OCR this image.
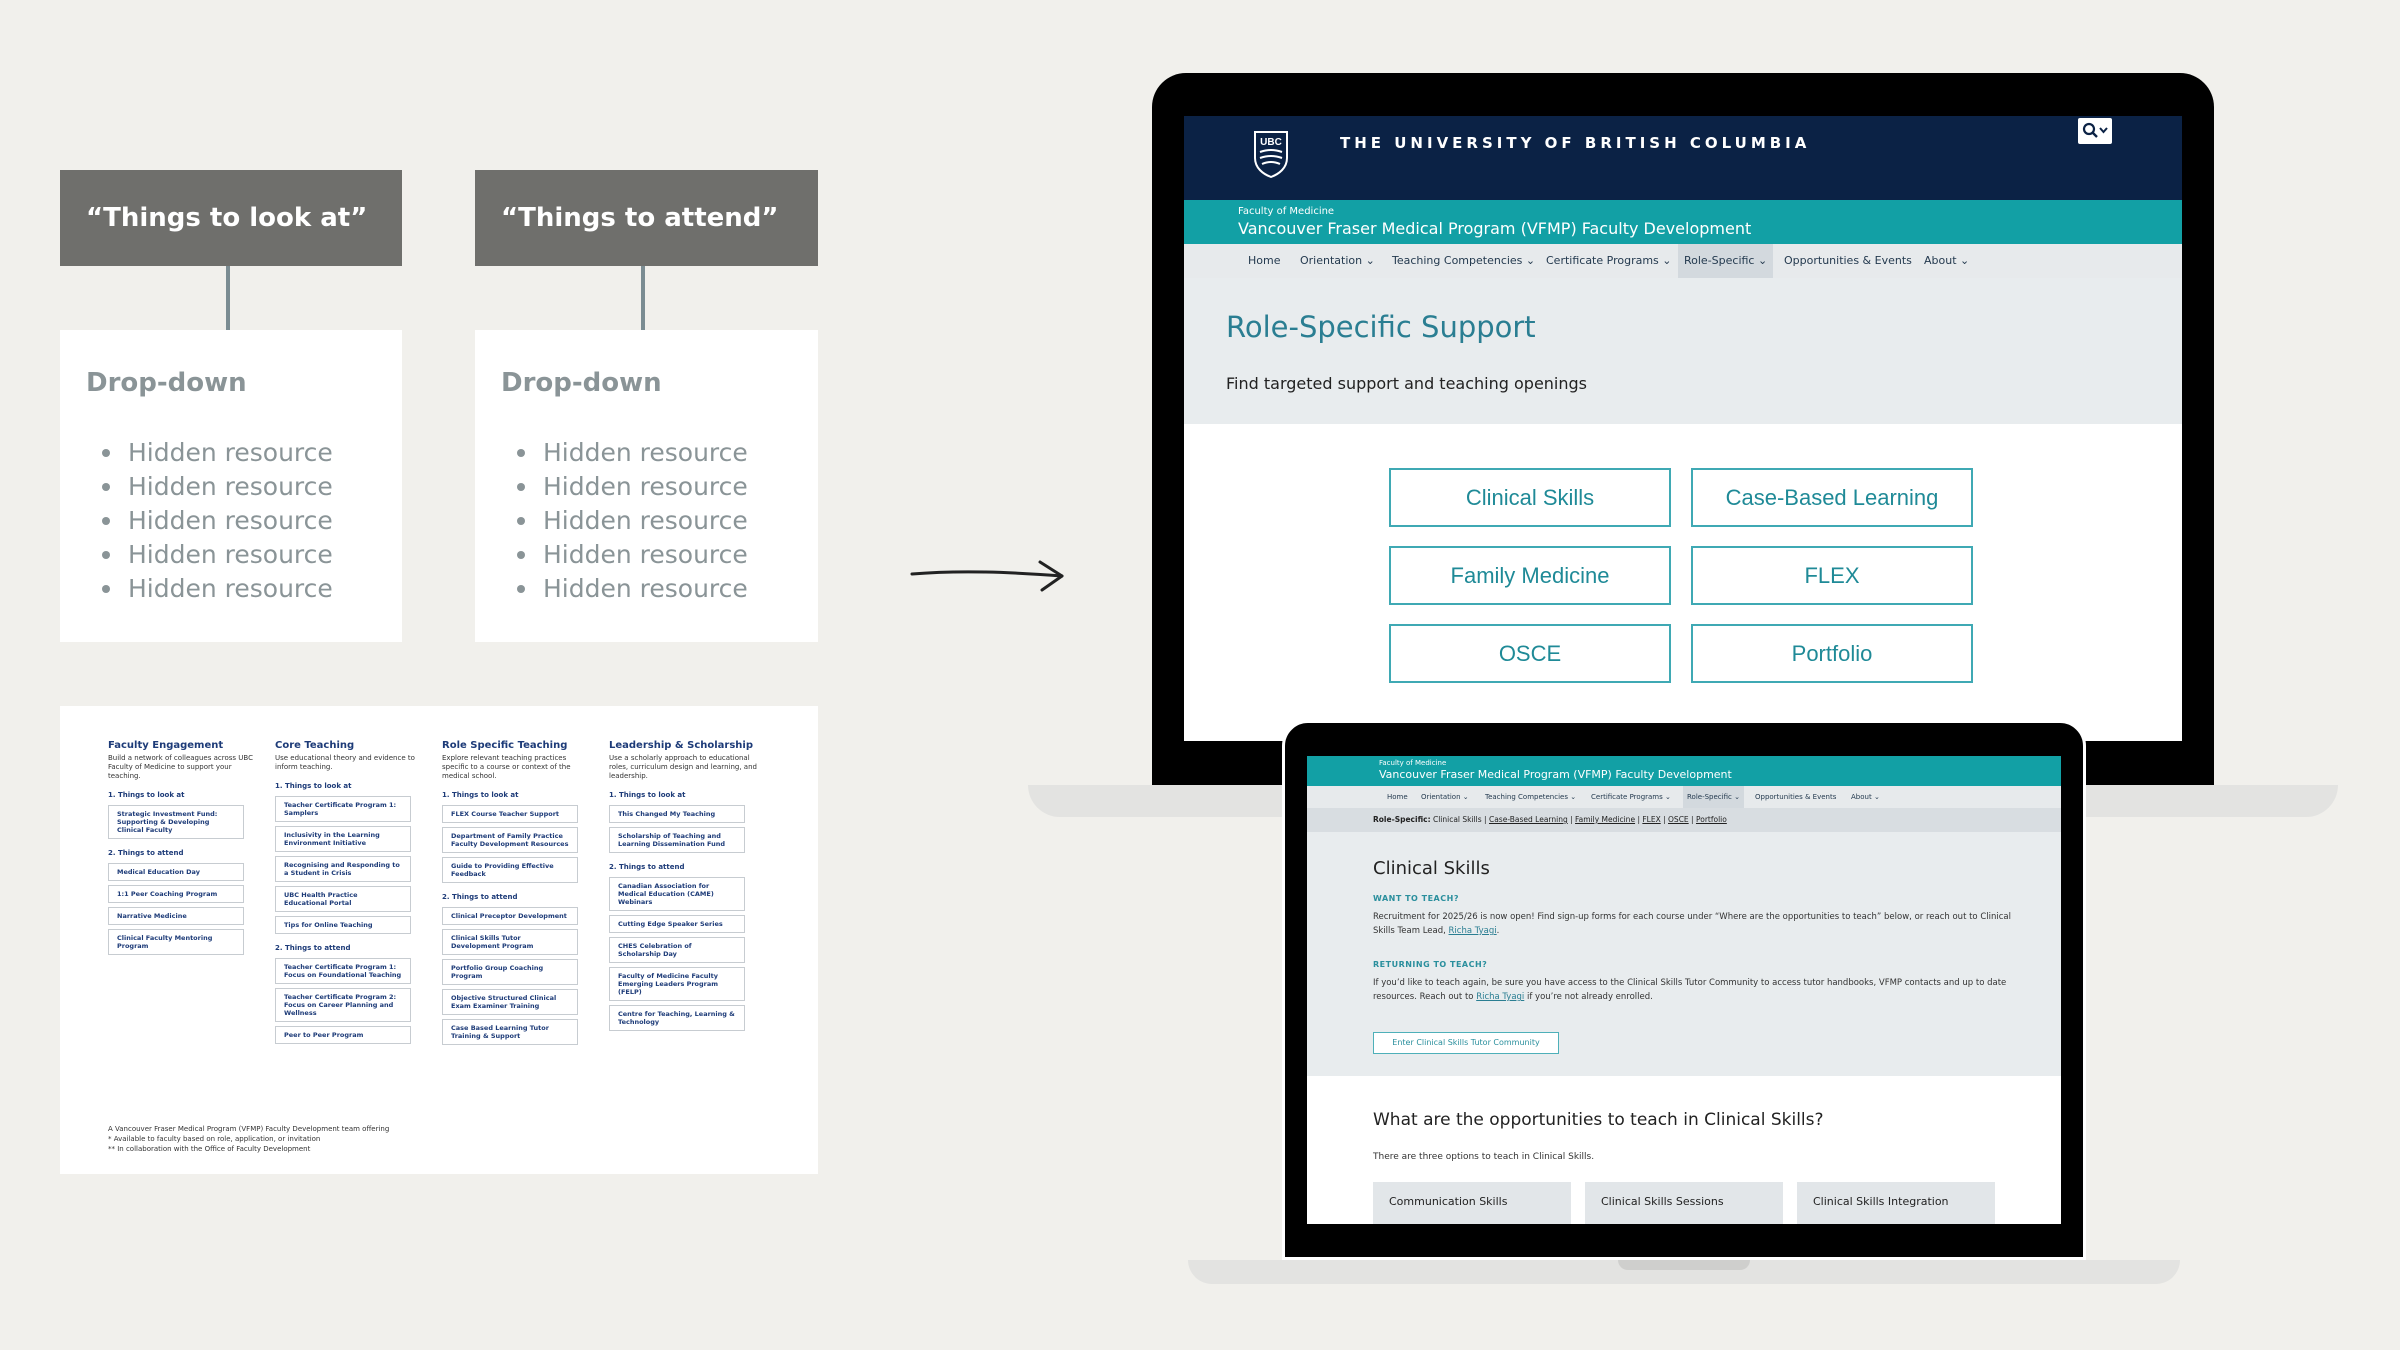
“Things to look at”
Drop-down
Hidden resource
Hidden resource
Hidden resource
Hidden resource
Hidden resource
“Things to attend”
Drop-down
Hidden resource
Hidden resource
Hidden resource
Hidden resource
Hidden resource
Faculty Engagement
Build a network of colleagues across UBC Faculty of Medicine to support your teaching.
1. Things to look at
Strategic Investment Fund: Supporting & Developing Clinical Faculty
2. Things to attend
Medical Education Day
1:1 Peer Coaching Program
Narrative Medicine
Clinical Faculty Mentoring Program
Core Teaching
Use educational theory and evidence to inform teaching.
1. Things to look at
Teacher Certificate Program 1: Samplers
Inclusivity in the Learning Environment Initiative
Recognising and Responding to a Student in Crisis
UBC Health Practice Educational Portal
Tips for Online Teaching
2. Things to attend
Teacher Certificate Program 1: Focus on Foundational Teaching
Teacher Certificate Program 2: Focus on Career Planning and Wellness
Peer to Peer Program
Role Specific Teaching
Explore relevant teaching practices specific to a course or context of the medical school.
1. Things to look at
FLEX Course Teacher Support
Department of Family Practice Faculty Development Resources
Guide to Providing Effective Feedback
2. Things to attend
Clinical Preceptor Development
Clinical Skills Tutor Development Program
Portfolio Group Coaching Program
Objective Structured Clinical Exam Examiner Training
Case Based Learning Tutor Training & Support
Leadership & Scholarship
Use a scholarly approach to educational roles, curriculum design and learning, and leadership.
1. Things to look at
This Changed My Teaching
Scholarship of Teaching and Learning Dissemination Fund
2. Things to attend
Canadian Association for Medical Education (CAME) Webinars
Cutting Edge Speaker Series
CHES Celebration of Scholarship Day
Faculty of Medicine Faculty Emerging Leaders Program (FELP)
Centre for Teaching, Learning & Technology
A Vancouver Fraser Medical Program (VFMP) Faculty Development team offering
* Available to faculty based on role, application, or invitation
** In collaboration with the Office of Faculty Development
UBC	THE UNIVERSITY OF BRITISH COLUMBIA
Faculty of Medicine
Vancouver Fraser Medical Program (VFMP) Faculty Development
Home Orientation ⌄ Teaching Competencies ⌄ Certificate Programs ⌄	Role-Specific ⌄	Opportunities & Events About ⌄
Role-Specific Support
Find targeted support and teaching openings
Clinical Skills	Case-Based Learning
Family Medicine	FLEX
OSCE	Portfolio
Faculty of Medicine
Vancouver Fraser Medical Program (VFMP) Faculty Development
Home Orientation ⌄ Teaching Competencies ⌄ Certificate Programs ⌄	Role-Specific ⌄	Opportunities & Events About ⌄
Role-Specific: Clinical Skills | Case-Based Learning | Family Medicine | FLEX | OSCE | Portfolio
Clinical Skills
WANT TO TEACH?
Recruitment for 2025/26 is now open! Find sign-up forms for each course under “Where are the opportunities to teach” below, or reach out to Clinical Skills Team Lead, Richa Tyagi.
RETURNING TO TEACH?
If you’d like to teach again, be sure you have access to the Clinical Skills Tutor Community to access tutor handbooks, VFMP contacts and up to date resources. Reach out to Richa Tyagi if you’re not already enrolled.
Enter Clinical Skills Tutor Community
What are the opportunities to teach in Clinical Skills?
There are three options to teach in Clinical Skills.
Communication Skills	Clinical Skills Sessions	Clinical Skills Integration
